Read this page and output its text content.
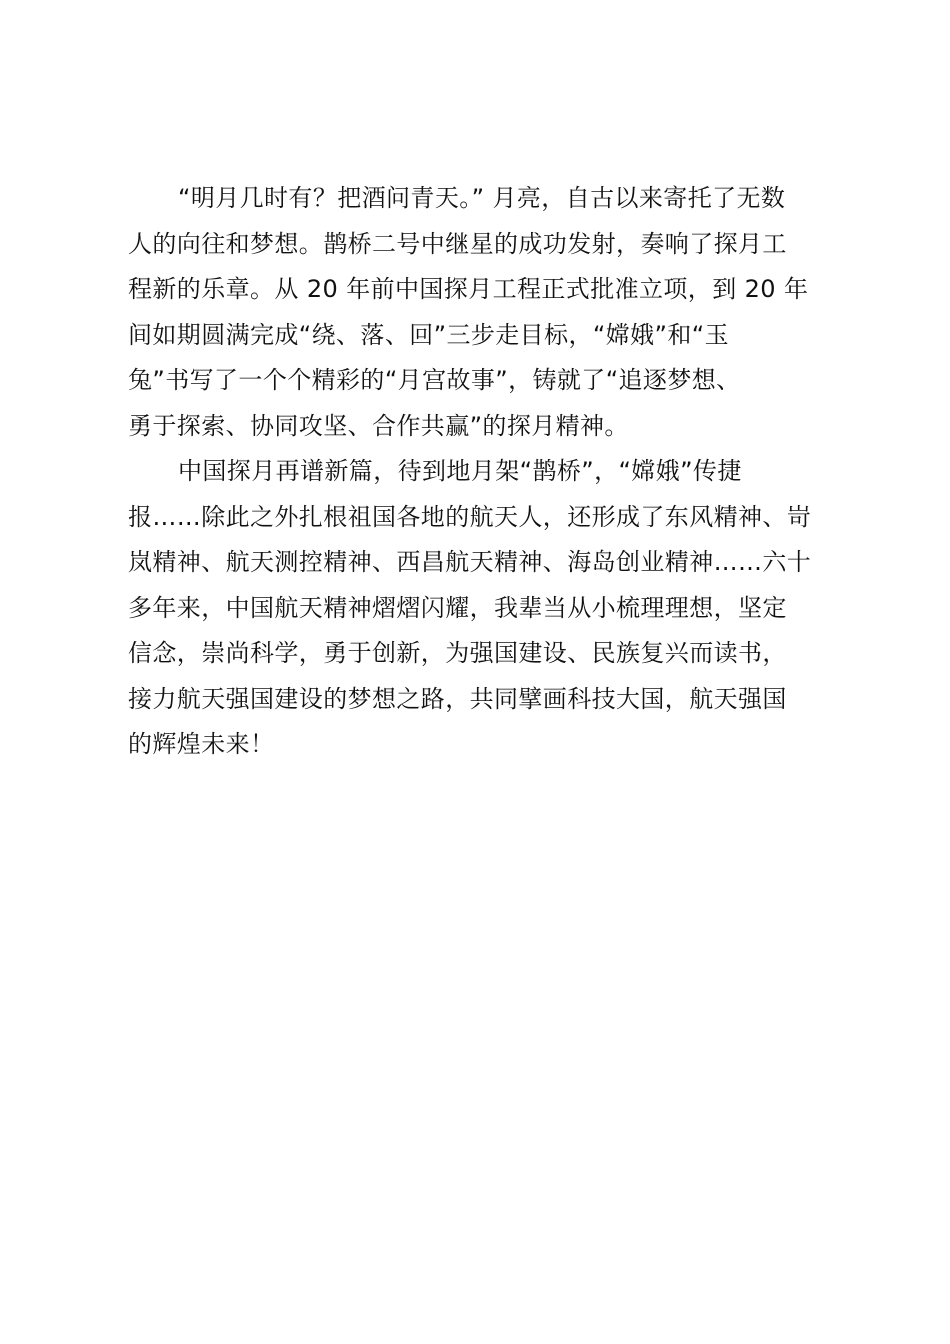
“明月几时有？把酒问青天。” 月亮，自古以来寄托了无数
人的向往和梦想。鹊桥二号中继星的成功发射，奏响了探月工
程新的乐章。从 20 年前中国探月工程正式批准立项，到 20 年
间如期圆满完成“绕、落、回”三步走目标，“嫦娥”和“玉
兔”书写了一个个精彩的“月宫故事”，铸就了“追逐梦想、
勇于探索、协同攻坚、合作共赢”的探月精神。
中国探月再谱新篇，待到地月架“鹊桥”，“嫦娥”传捷
报……除此之外扎根祖国各地的航天人，还形成了东风精神、岢
岚精神、航天测控精神、西昌航天精神、海岛创业精神……六十
多年来，中国航天精神熠熠闪耀，我辈当从小梳理理想，坚定
信念，崇尚科学，勇于创新，为强国建设、民族复兴而读书，
接力航天强国建设的梦想之路，共同擘画科技大国，航天强国
的辉煌未来！
